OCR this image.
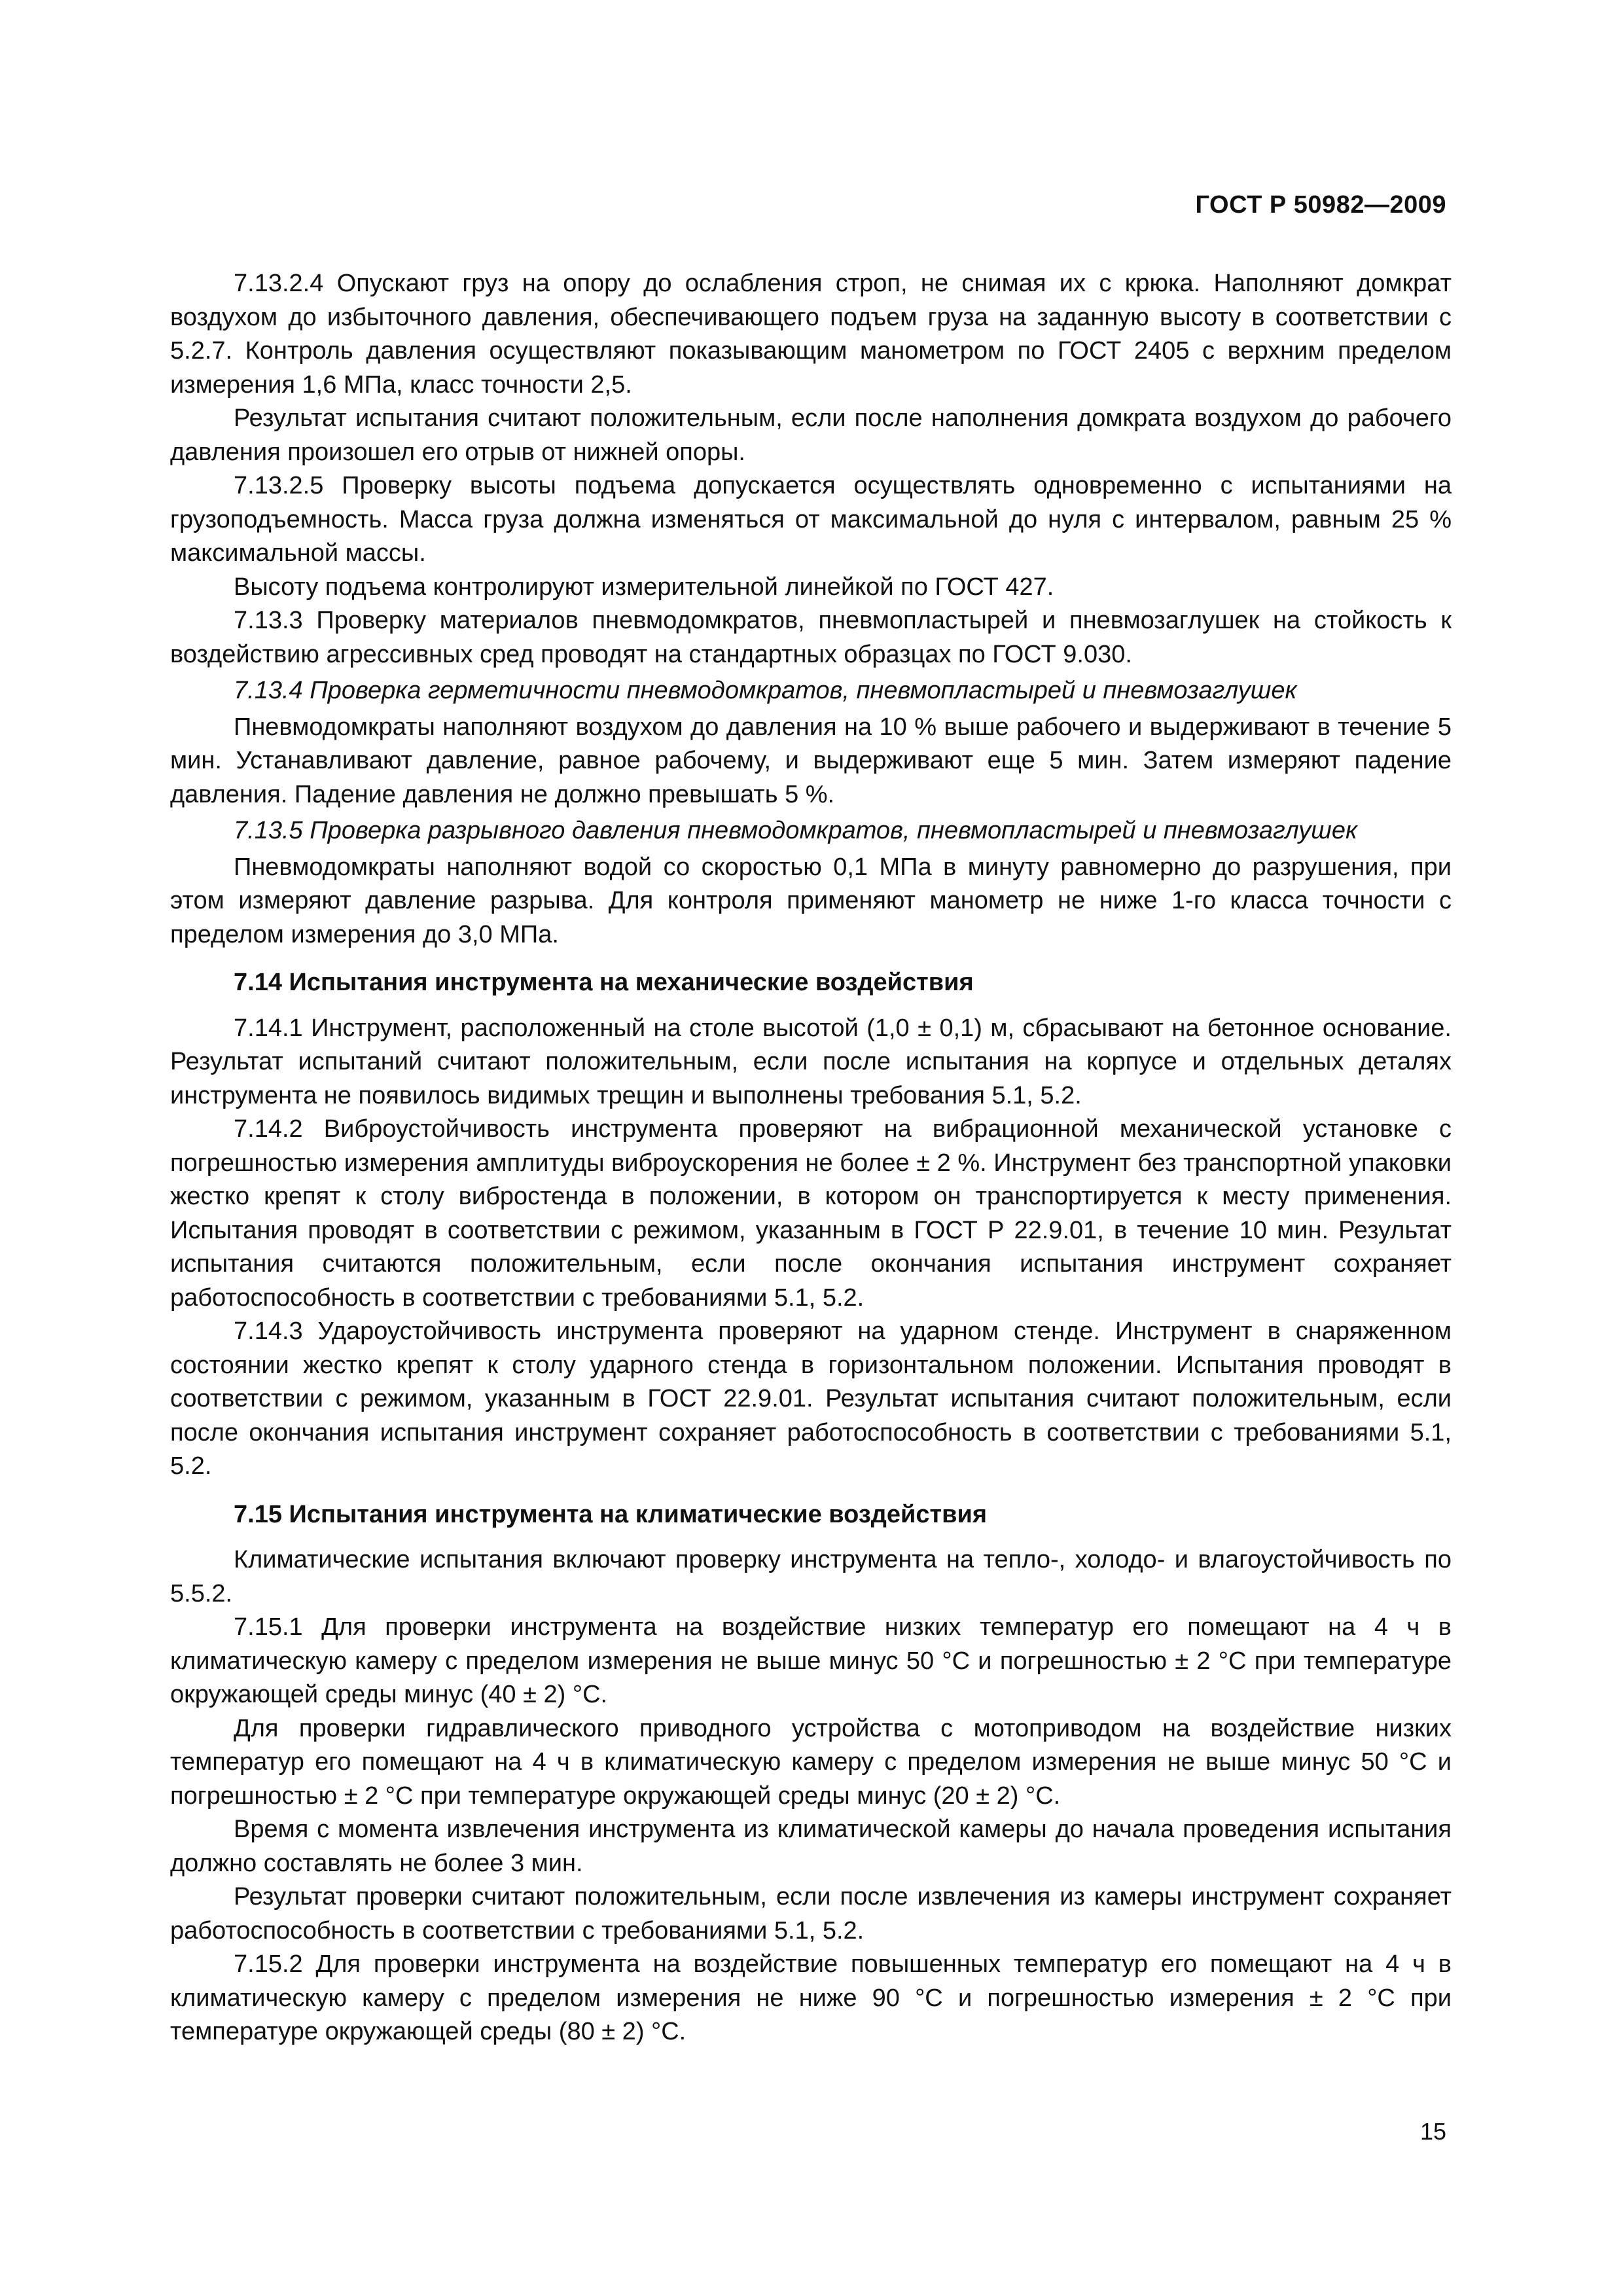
ГОСТ Р 50982—2009

7.13.2.4 Опускают груз на опору до ослабления строп, не снимая их с крюка. Наполняют домкрат воздухом до избыточного давления, обеспечивающего подъем груза на заданную высоту в соответствии с 5.2.7. Контроль давления осуществляют показывающим манометром по ГОСТ 2405 с верхним пределом измерения 1,6 МПа, класс точности 2,5.

Результат испытания считают положительным, если после наполнения домкрата воздухом до рабочего давления произошел его отрыв от нижней опоры.

7.13.2.5 Проверку высоты подъема допускается осуществлять одновременно с испытаниями на грузоподъемность. Масса груза должна изменяться от максимальной до нуля с интервалом, равным 25 % максимальной массы.

Высоту подъема контролируют измерительной линейкой по ГОСТ 427.

7.13.3 Проверку материалов пневмодомкратов, пневмопластырей и пневмозаглушек на стойкость к воздействию агрессивных сред проводят на стандартных образцах по ГОСТ 9.030.

7.13.4 Проверка герметичности пневмодомкратов, пневмопластырей и пневмозаглушек

Пневмодомкраты наполняют воздухом до давления на 10 % выше рабочего и выдерживают в течение 5 мин. Устанавливают давление, равное рабочему, и выдерживают еще 5 мин. Затем измеряют падение давления. Падение давления не должно превышать 5 %.

7.13.5 Проверка разрывного давления пневмодомкратов, пневмопластырей и пневмозаглушек

Пневмодомкраты наполняют водой со скоростью 0,1 МПа в минуту равномерно до разрушения, при этом измеряют давление разрыва. Для контроля применяют манометр не ниже 1-го класса точности с пределом измерения до 3,0 МПа.

7.14 Испытания инструмента на механические воздействия

7.14.1 Инструмент, расположенный на столе высотой (1,0 ± 0,1) м, сбрасывают на бетонное основание. Результат испытаний считают положительным, если после испытания на корпусе и отдельных деталях инструмента не появилось видимых трещин и выполнены требования 5.1, 5.2.

7.14.2 Виброустойчивость инструмента проверяют на вибрационной механической установке с погрешностью измерения амплитуды виброускорения не более ± 2 %. Инструмент без транспортной упаковки жестко крепят к столу вибростенда в положении, в котором он транспортируется к месту применения. Испытания проводят в соответствии с режимом, указанным в ГОСТ Р 22.9.01, в течение 10 мин. Результат испытания считаются положительным, если после окончания испытания инструмент сохраняет работоспособность в соответствии с требованиями 5.1, 5.2.

7.14.3 Удароустойчивость инструмента проверяют на ударном стенде. Инструмент в снаряженном состоянии жестко крепят к столу ударного стенда в горизонтальном положении. Испытания проводят в соответствии с режимом, указанным в ГОСТ 22.9.01. Результат испытания считают положительным, если после окончания испытания инструмент сохраняет работоспособность в соответствии с требованиями 5.1, 5.2.

7.15 Испытания инструмента на климатические воздействия

Климатические испытания включают проверку инструмента на тепло-, холодо- и влагоустойчивость по 5.5.2.

7.15.1 Для проверки инструмента на воздействие низких температур его помещают на 4 ч в климатическую камеру с пределом измерения не выше минус 50 °С и погрешностью ± 2 °С при температуре окружающей среды минус (40 ± 2) °С.

Для проверки гидравлического приводного устройства с мотоприводом на воздействие низких температур его помещают на 4 ч в климатическую камеру с пределом измерения не выше минус 50 °С и погрешностью ± 2 °С при температуре окружающей среды минус (20 ± 2) °С.

Время с момента извлечения инструмента из климатической камеры до начала проведения испытания должно составлять не более 3 мин.

Результат проверки считают положительным, если после извлечения из камеры инструмент сохраняет работоспособность в соответствии с требованиями 5.1, 5.2.

7.15.2 Для проверки инструмента на воздействие повышенных температур его помещают на 4 ч в климатическую камеру с пределом измерения не ниже 90 °С и погрешностью измерения ± 2 °С при температуре окружающей среды (80 ± 2) °С.

15
